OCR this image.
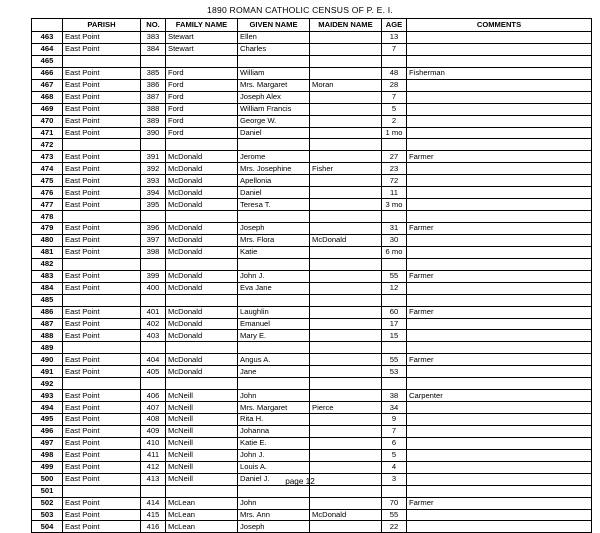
1890 ROMAN CATHOLIC CENSUS OF P. E. I.
	PARISH	NO.	FAMILY NAME	GIVEN NAME	MAIDEN NAME	AGE	COMMENTS
463	East Point	383	Stewart	Ellen		13	
464	East Point	384	Stewart	Charles		7	
465							
466	East Point	385	Ford	William		48	Fisherman
467	East Point	386	Ford	Mrs. Margaret	Moran	28	
468	East Point	387	Ford	Joseph Alex		7	
469	East Point	388	Ford	William Francis		5	
470	East Point	389	Ford	George W.		2	
471	East Point	390	Ford	Daniel		1 mo	
472							
473	East Point	391	McDonald	Jerome		27	Farmer
474	East Point	392	McDonald	Mrs. Josephine	Fisher	23	
475	East Point	393	McDonald	Apellonia		72	
476	East Point	394	McDonald	Daniel		11	
477	East Point	395	McDonald	Teresa T.		3 mo	
478							
479	East Point	396	McDonald	Joseph		31	Farmer
480	East Point	397	McDonald	Mrs. Flora	McDonald	30	
481	East Point	398	McDonald	Katie		6 mo	
482							
483	East Point	399	McDonald	John J.		55	Farmer
484	East Point	400	McDonald	Eva Jane		12	
485							
486	East Point	401	McDonald	Laughlin		60	Farmer
487	East Point	402	McDonald	Emanuel		17	
488	East Point	403	McDonald	Mary E.		15	
489							
490	East Point	404	McDonald	Angus A.		55	Farmer
491	East Point	405	McDonald	Jane		53	
492							
493	East Point	406	McNeill	John		38	Carpenter
494	East Point	407	McNeill	Mrs. Margaret	Pierce	34	
495	East Point	408	McNeill	Rita H.		9	
496	East Point	409	McNeill	Johanna		7	
497	East Point	410	McNeill	Katie E.		6	
498	East Point	411	McNeill	John J.		5	
499	East Point	412	McNeill	Louis A.		4	
500	East Point	413	McNeill	Daniel J.		3	
501							
502	East Point	414	McLean	John		70	Farmer
503	East Point	415	McLean	Mrs. Ann	McDonald	55	
504	East Point	416	McLean	Joseph		22	
page 12
